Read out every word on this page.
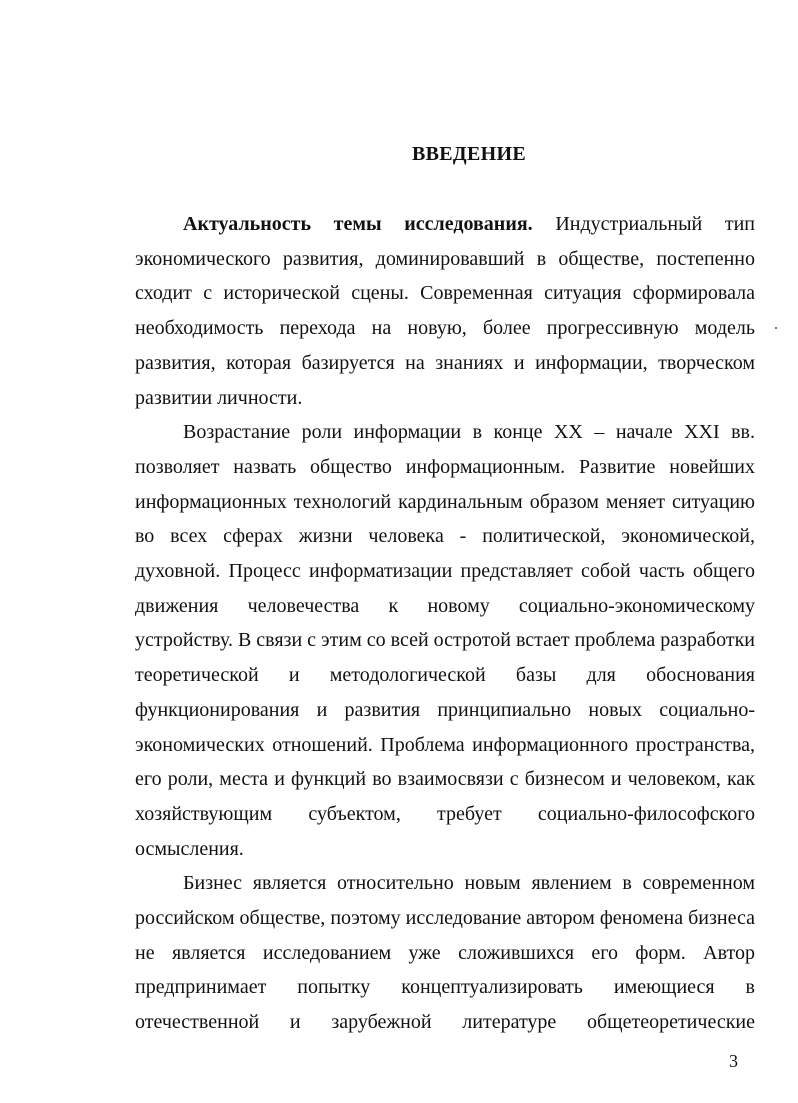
ВВЕДЕНИЕ

Актуальность темы исследования. Индустриальный тип экономического развития, доминировавший в обществе, постепенно сходит с исторической сцены. Современная ситуация сформировала необходимость перехода на новую, более прогрессивную модель развития, которая базируется на знаниях и информации, творческом развитии личности.

Возрастание роли информации в конце XX – начале XXI вв. позволяет назвать общество информационным. Развитие новейших информационных технологий кардинальным образом меняет ситуацию во всех сферах жизни человека - политической, экономической, духовной. Процесс информатизации представляет собой часть общего движения человечества к новому социально-экономическому устройству. В связи с этим со всей остротой встает проблема разработки теоретической и методологической базы для обоснования функционирования и развития принципиально новых социально-экономических отношений. Проблема информационного пространства, его роли, места и функций во взаимосвязи с бизнесом и человеком, как хозяйствующим субъектом, требует социально-философского осмысления.

Бизнес является относительно новым явлением в современном российском обществе, поэтому исследование автором феномена бизнеса не является исследованием уже сложившихся его форм. Автор предпринимает попытку концептуализировать имеющиеся в отечественной и зарубежной литературе общетеоретические

3
